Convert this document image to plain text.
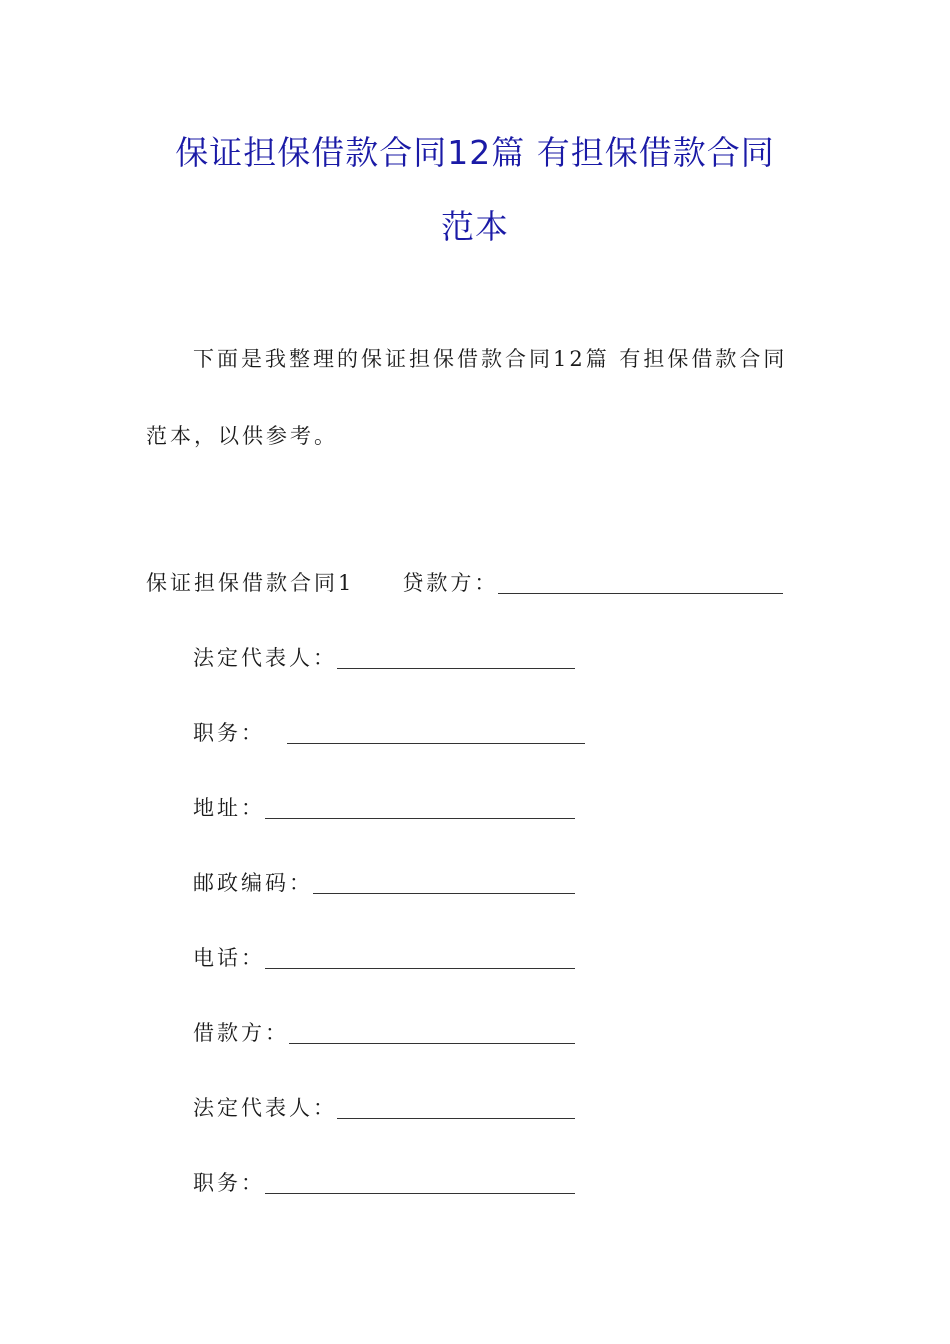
保证担保借款合同12篇 有担保借款合同
范本
下面是我整理的保证担保借款合同12篇 有担保借款合同
范本，以供参考。
保证担保借款合同1 贷款方：
法定代表人：
职务：
地址：
邮政编码：
电话：
借款方：
法定代表人：
职务：
